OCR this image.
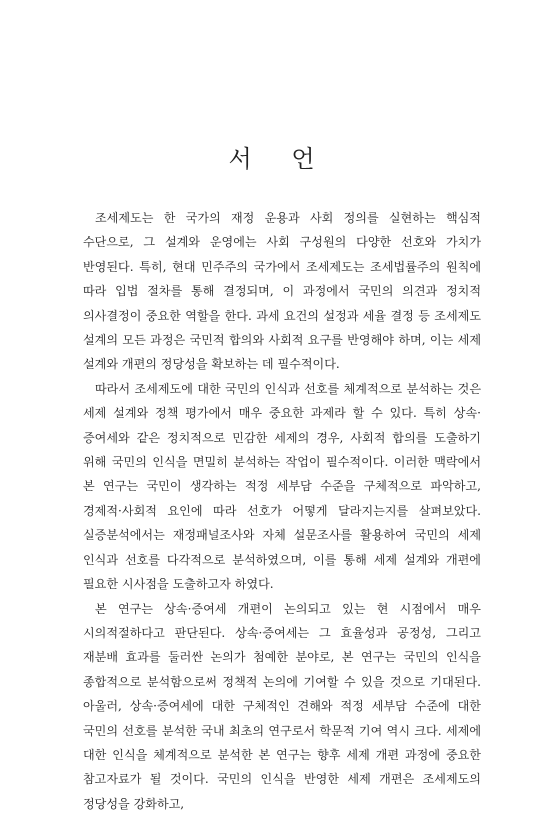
서 언

조세제도는 한 국가의 재정 운용과 사회 정의를 실현하는 핵심적 수단으로, 그 설계와 운영에는 사회 구성원의 다양한 선호와 가치가 반영된다. 특히, 현대 민주주의 국가에서 조세제도는 조세법률주의 원칙에 따라 입법 절차를 통해 결정되며, 이 과정에서 국민의 의견과 정치적 의사결정이 중요한 역할을 한다. 과세 요건의 설정과 세율 결정 등 조세제도 설계의 모든 과정은 국민적 합의와 사회적 요구를 반영해야 하며, 이는 세제 설계와 개편의 정당성을 확보하는 데 필수적이다.

따라서 조세제도에 대한 국민의 인식과 선호를 체계적으로 분석하는 것은 세제 설계와 정책 평가에서 매우 중요한 과제라 할 수 있다. 특히 상속·증여세와 같은 정치적으로 민감한 세제의 경우, 사회적 합의를 도출하기 위해 국민의 인식을 면밀히 분석하는 작업이 필수적이다. 이러한 맥락에서 본 연구는 국민이 생각하는 적정 세부담 수준을 구체적으로 파악하고, 경제적·사회적 요인에 따라 선호가 어떻게 달라지는지를 살펴보았다. 실증분석에서는 재정패널조사와 자체 설문조사를 활용하여 국민의 세제 인식과 선호를 다각적으로 분석하였으며, 이를 통해 세제 설계와 개편에 필요한 시사점을 도출하고자 하였다.

본 연구는 상속·증여세 개편이 논의되고 있는 현 시점에서 매우 시의적절하다고 판단된다. 상속·증여세는 그 효율성과 공정성, 그리고 재분배 효과를 둘러싼 논의가 첨예한 분야로, 본 연구는 국민의 인식을 종합적으로 분석함으로써 정책적 논의에 기여할 수 있을 것으로 기대된다. 아울러, 상속·증여세에 대한 구체적인 견해와 적정 세부담 수준에 대한 국민의 선호를 분석한 국내 최초의 연구로서 학문적 기여 역시 크다. 세제에 대한 인식을 체계적으로 분석한 본 연구는 향후 세제 개편 과정에 중요한 참고자료가 될 것이다. 국민의 인식을 반영한 세제 개편은 조세제도의 정당성을 강화하고,
